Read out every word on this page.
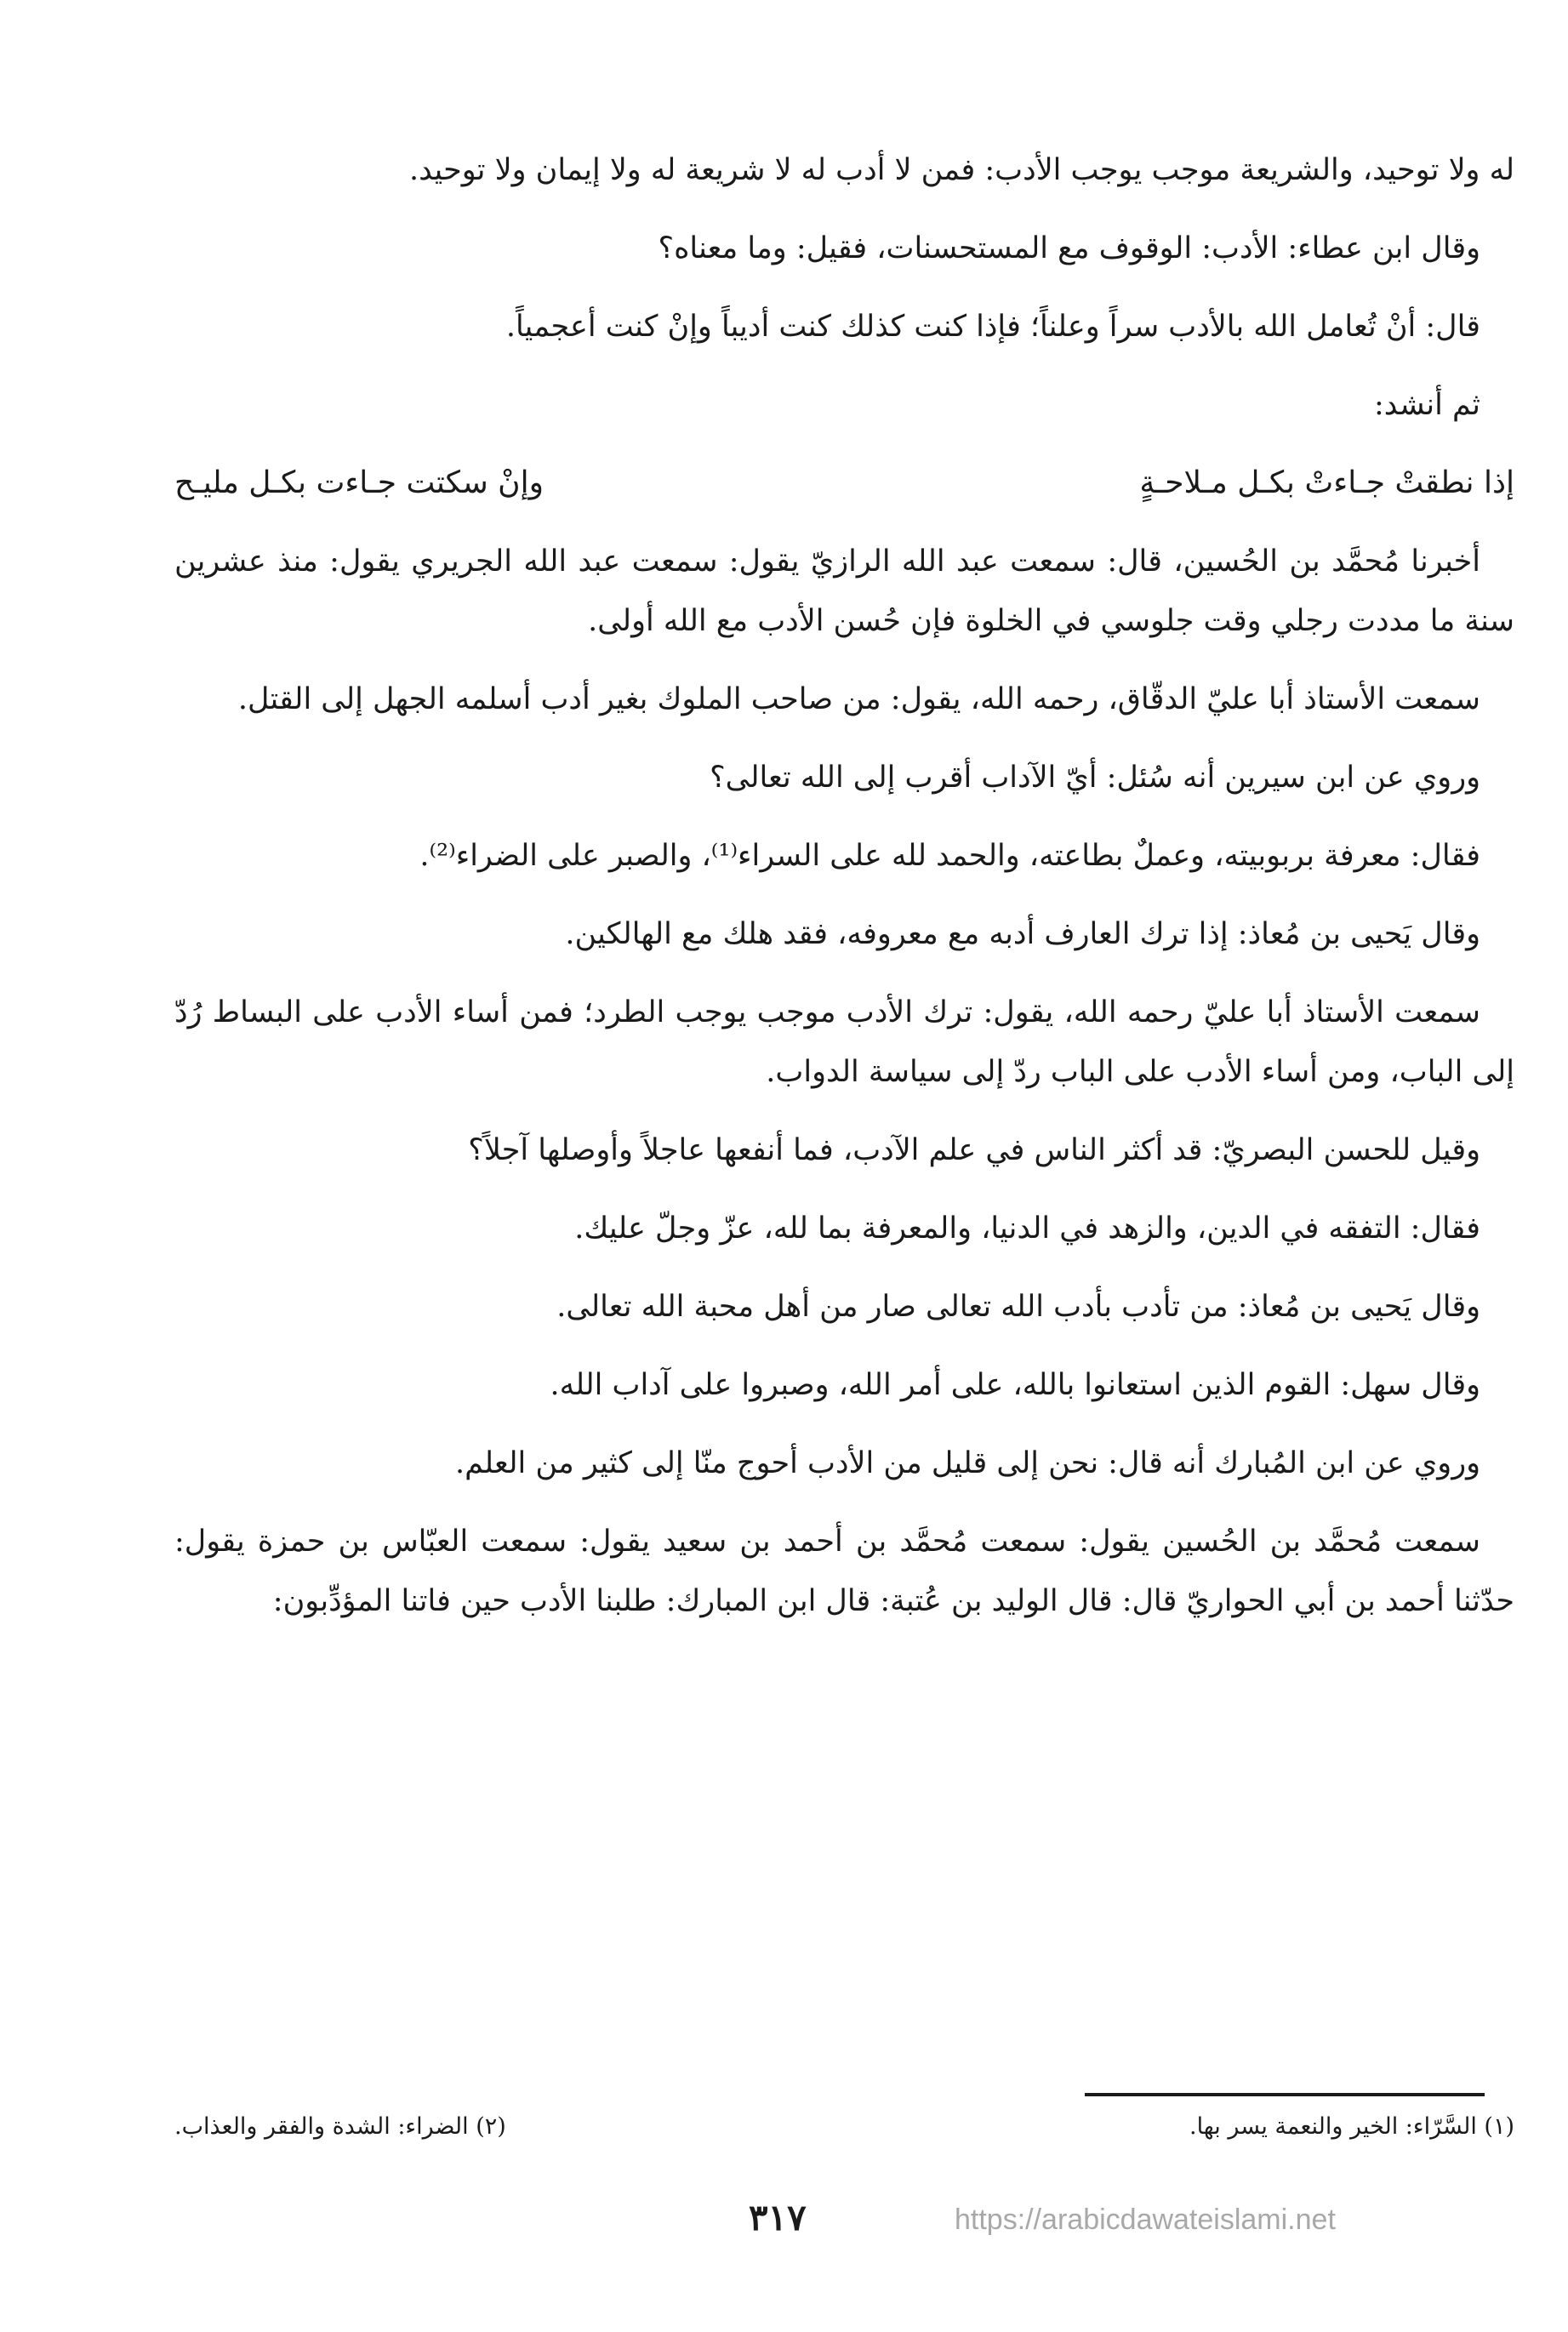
له ولا توحيد، والشريعة موجب يوجب الأدب: فمن لا أدب له لا شريعة له ولا إيمان ولا توحيد.

وقال ابن عطاء: الأدب: الوقوف مع المستحسنات، فقيل: وما معناه؟

قال: أنْ تُعامل الله بالأدب سراً وعلناً؛ فإذا كنت كذلك كنت أديباً وإنْ كنت أعجمياً.

ثم أنشد:

إذا نطقتْ جـاءتْ بكـل مـلاحـةٍ
وإنْ سكتت جـاءت بكـل مليـح

أخبرنا مُحمَّد بن الحُسين، قال: سمعت عبد الله الرازيّ يقول: سمعت عبد الله الجريري يقول: منذ عشرين سنة ما مددت رجلي وقت جلوسي في الخلوة فإن حُسن الأدب مع الله أولى.

سمعت الأستاذ أبا عليّ الدقّاق، رحمه الله، يقول: من صاحب الملوك بغير أدب أسلمه الجهل إلى القتل.

وروي عن ابن سيرين أنه سُئل: أيّ الآداب أقرب إلى الله تعالى؟

فقال: معرفة بربوبيته، وعملٌ بطاعته، والحمد لله على السراء⁽¹⁾، والصبر على الضراء⁽²⁾.

وقال يَحيى بن مُعاذ: إذا ترك العارف أدبه مع معروفه، فقد هلك مع الهالكين.

سمعت الأستاذ أبا عليّ رحمه الله، يقول: ترك الأدب موجب يوجب الطرد؛ فمن أساء الأدب على البساط رُدّ إلى الباب، ومن أساء الأدب على الباب ردّ إلى سياسة الدواب.

وقيل للحسن البصريّ: قد أكثر الناس في علم الآدب، فما أنفعها عاجلاً وأوصلها آجلاً؟

فقال: التفقه في الدين، والزهد في الدنيا، والمعرفة بما لله، عزّ وجلّ عليك.

وقال يَحيى بن مُعاذ: من تأدب بأدب الله تعالى صار من أهل محبة الله تعالى.

وقال سهل: القوم الذين استعانوا بالله، على أمر الله، وصبروا على آداب الله.

وروي عن ابن المُبارك أنه قال: نحن إلى قليل من الأدب أحوج منّا إلى كثير من العلم.

سمعت مُحمَّد بن الحُسين يقول: سمعت مُحمَّد بن أحمد بن سعيد يقول: سمعت العبّاس بن حمزة يقول: حدّثنا أحمد بن أبي الحواريّ قال: قال الوليد بن عُتبة: قال ابن المبارك: طلبنا الأدب حين فاتنا المؤدِّبون:

(١) السَّرّاء: الخير والنعمة يسر بها.
(٢) الضراء: الشدة والفقر والعذاب.
٣١٧	https://arabicdawateislami.net
